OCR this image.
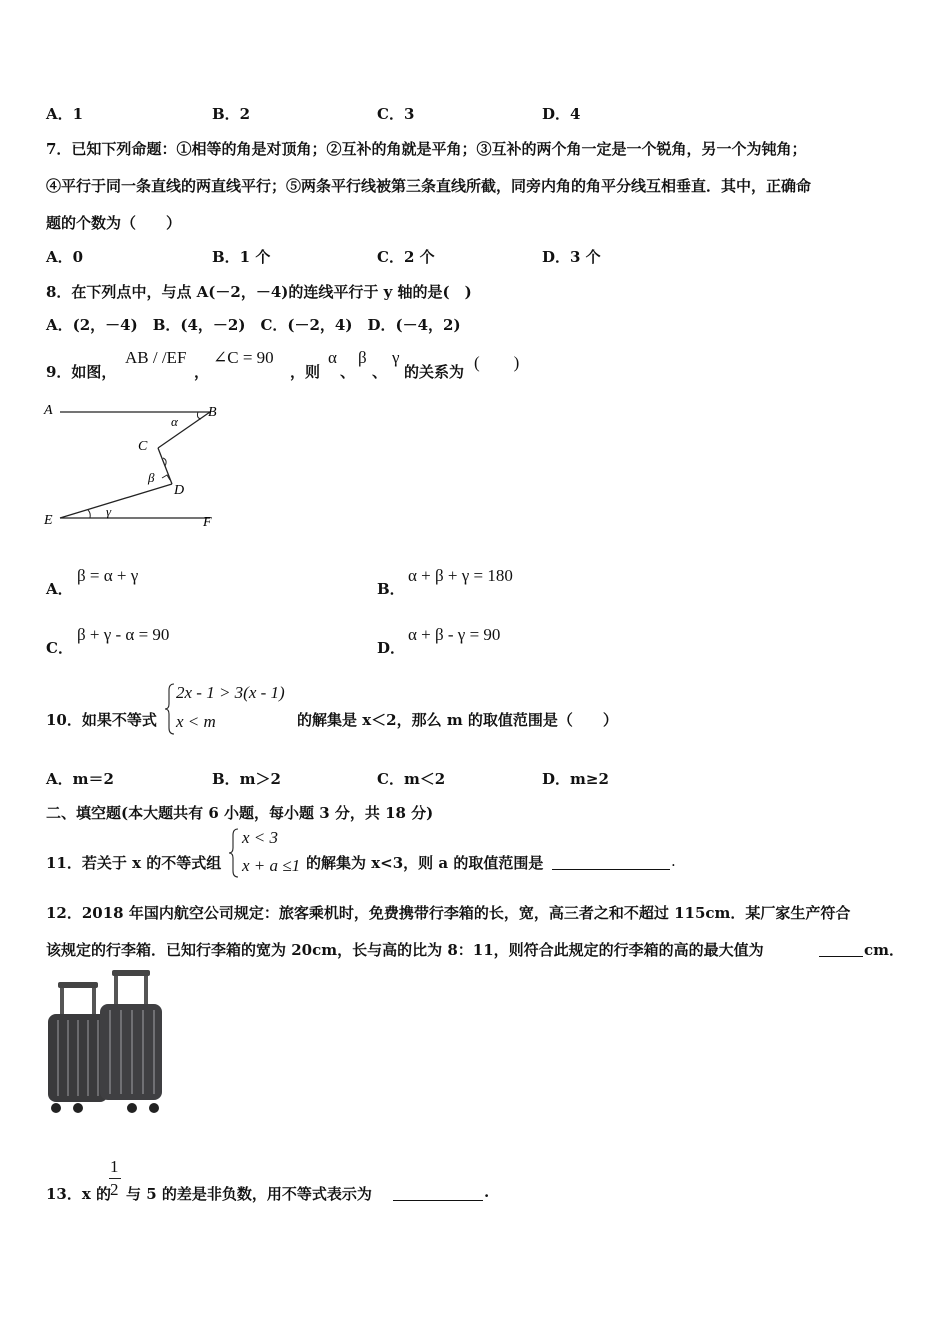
A．1	B．2	C．3	D．4
7．已知下列命题：①相等的角是对顶角；②互补的角就是平角；③互补的两个角一定是一个锐角，另一个为钝角；
④平行于同一条直线的两直线平行；⑤两条平行线被第三条直线所截，同旁内角的角平分线互相垂直．其中，正确命
题的个数为（　　）
A．0	B．1 个	C．2 个	D．3 个
8．在下列点中，与点 A(－2，－4)的连线平行于 y 轴的是(　)
A．(2，－4)　B．(4，－2)　C．(－2，4)　D．(－4，2)
9．如图，
AB / /EF
，
∠C = 90
，则
α
、
β
、
γ
的关系为 (　　)
A	B
C
D
E	F
α
β
γ
A．
β = α + γ
B．
α + β + γ = 180
C．
β + γ - α = 90
D．
α + β - γ = 90
10．如果不等式
2x - 1 > 3(x - 1)
x < m	的解集是 x＜2，那么 m 的取值范围是（　　）
A．m＝2	B．m＞2	C．m＜2	D．m≥2
二、填空题(本大题共有 6 小题，每小题 3 分，共 18 分)
11．若关于 x 的不等式组
x < 3
x + a ≤1 的解集为 x<3，则 a 的取值范围是	.
12．2018 年国内航空公司规定：旅客乘机时，免费携带行李箱的长，宽，高三者之和不超过 115cm．某厂家生产符合
该规定的行李箱．已知行李箱的宽为 20cm，长与高的比为 8：11，则符合此规定的行李箱的高的最大值为	cm．
13．x 的
1
2 与 5 的差是非负数，用不等式表示为	.
